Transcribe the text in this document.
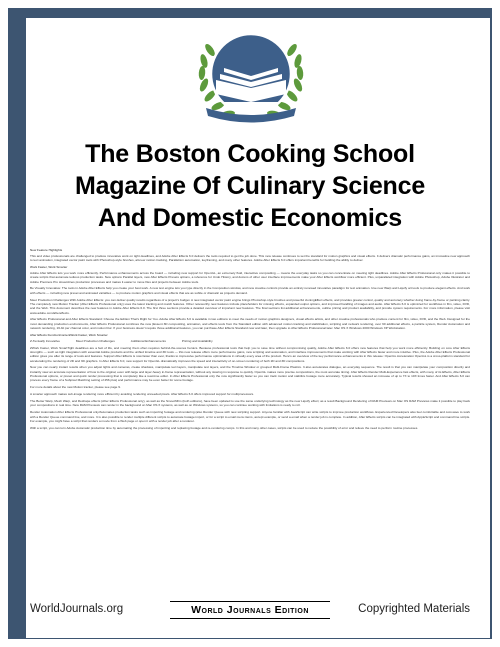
The Boston Cooking School
Magazine Of Culinary Science
And Domestic Economics

New Feature Highlights

This and video professionals are challenged to produce innovative work on tight deadlines, and Adobe After Effects 6.0 delivers the tools required to get the job done. This new release continues to set the standard for motion graphics and visual effects. It delivers dramatic performance gains, an innovative new approach to text animation, integrated vector paint tools with Photoshop-style brushes, all-new motion tracking, Parallelism automation, keyframing, and many other features. Adobe After Effects 6.0 offers important benefits for building the ability to deliver.

Work Faster, Work Smarter

Adobe After Effects lets you work more efficiently. Performance enhancements across the board — including new support for OpenGL, an extremely fluid, interactive compositing — means the everyday tasks so you can concentrate on meeting tight deadlines. Adobe After Effects Professional only makes it possible to create scripts that automate tedious production tasks. New options Parallel layers, new After Effects Presets options, a reference for Undo History, and dozens of other user interface improvements make your After Effects workflow more efficient. Plus, unparalleled integration with Adobe Photoshop, Adobe Illustrator and Adobe Premiere Pro streamlines production processes and makes it easier to move files and projects between Adobe tools.

Be Visually Innovative: The tools in Adobe After Effects help you create your best work. A new text engine lets you type directly in the Composition window, and new creative controls provide an entirely renewed innovative paradigm for text animation. Use new Warp and Liquify art tools to produce elegant effects. And work with effects — including new preset and animated variables — to produce motion graphics and visual effects that are as subtle or dramatic as projects demand.

Meet Production Challenges With Adobe After Effects: you can deliver quality results regardless of a project's budget. A new integrated vector paint engine brings Photoshop-style brushes and powerful cloningEffect effects, and provides greater control, quality and accuracy whether doing frame-by-frame or painting clarity. The completely new Motion Tracker (After Effects Professional only) uses the latest tracking and match features. Other noteworthy new features include placeholders for missing effects, expanded output options, and improved handling of images and audio. After Effects 6.0 is optimized for workflows in film, video, DVD, and the Web. This document describes the new features in Adobe After Effects 6.0. The first three sections provide a detailed overview of important new features. The final sections list additional enhancements, outline pricing and product availability, and provide system requirements. For more information, please visit www.adobe.com/aftereffects.

After Effects Professional and After Effects Standard: Choose the Edition That's Right for You. Adobe After Effects 6.0 is available in two editions to meet the needs of motion graphics designers, visual effects artists, and other creative professionals who produce content for film, video, DVD, and the Web. Designed for the most demanding production environments, After Effects Professional combines the new (Essent 3D compositing, animation, and effects tools from the Standard edition with advanced motion tracking and stabilization, scripting and network rendering, over 90 additional effects, a particle system, Render Automation and network rendering, 16-bit per channel color, and motion blur. If your business doesn't require those additional features, you can purchase After Effects Standard now and later, then upgrade to After Effects Professional later. Mac OS X Windows 2000 Windows XP Workstation.

After Effects FunctionContentWork Faster, Work Smarter

Z-Textually Innovative	Meet Production Challenges	Additional Enhancements	Pricing and Availability

ZWork Faster, Work SmartTight deadlines are a fact of life, and meeting them often requires behind-the-scenes heroics. Because professional tools that help you to save time without compromising quality, Adobe After Effects 6.0 offers new features that help you work more efficiently. Building on core After Effects strengths — such as tight integration with essential Adobe products and the unified timeline and 3D tools — this new release offers more performance gains, new scripting and automation, and interface improvements that make working with After Effects faster and more intuitive. Plus, the Adobe After Effects Professional edition gives you after its range of tools and features. Support After Effects is now faster than ever, thanks to impressive performance optimizations in virtually every area of the product. Here's an overview of the key performance enhancements in this release: OpenGL Acceleration OpenGL is a cross-platform standard for accelerating the rendering of 2D and 3D graphics. In After Effects 6.0, new support for OpenGL dramatically improves the speed and interactivity of on-screen rendering of both 2D and 3D compositions.

Now you can nearly instant results when you adjust lights and cameras, create shadows, manipulate text layers, manipulate text layers, and the Timeline Window or grouped Multi-Frame Plastics. It also accelerates dialogue, an everyday sequence. The result is that you can manipulate your composition directly and instantly view an accurate representation of how to the original, even with large and layer-heavy in-frame representation, without any slowing in response to quickly. OpenGL makes more precise compositions, the most accurate timing. After Effects Render Multi-Experience fast effects, with many of its Effects, After Effects Professional options, or preset and quick render processing that is completely like a real-time editor. In After Effects Professional only the now significantly faster so you can track motion and stabilize footage more accurately. Typical results showed an increase of up to 7X to 10X times faster. And After Effects 6.0 can process every frame of a Subpixel Matching setting of 256 plus) and performance may be even better for some footage.

For more details about the new Motion tracker, please see page 9.

A smarter approach makes sub-image rendering more efficient by avoiding rendering unneeded pixels. After Effects 6.0 offers improved support for multiprocessors.

The Better Warp, Mesh Warp, and Reshape effects (After Effects Professional only), as well as the Smoothfilm (both editions), have been updated to use the same underlying technology as the new Liquify effect; as a result Background Rendering of RAM Previews on Mac OS RAM Previews make it possible to play back your compositions in real time. New RAM Previews can render in the background on Mac OS X systems, as well as on Windows systems, so you can continue working with limitations is ready to roll.

Render Automation After Effects Professional only/Automates production tasks such as importing footage and rendering (also Render Queue with new scripting support. Anyone familiar with JavaScript can write scripts to improve production workflows. Experienced Developers also feel comfortable and cost-save to work with a Render Queue command line, and more. It is also possible to render multiple different scripts to automate footage import, or for a script to email menu items, accept example, or send a email when a render job is complete. In addition, After Effects scripts can be integrated with AppleScript and command line scripts. For example, you might have a script that renders a movie from a Web page or open it with a render job after a renderer.

With a script, you can turn Adobe Automatic production time by automating the processing of importing and replacing footage and re-rendering comps. In this and many other cases, scripts can be used to reduce the possibility of error and relieve the need to perform routine processes.

WorldJournals.org	World Journals Edition	Copyrighted Materials
